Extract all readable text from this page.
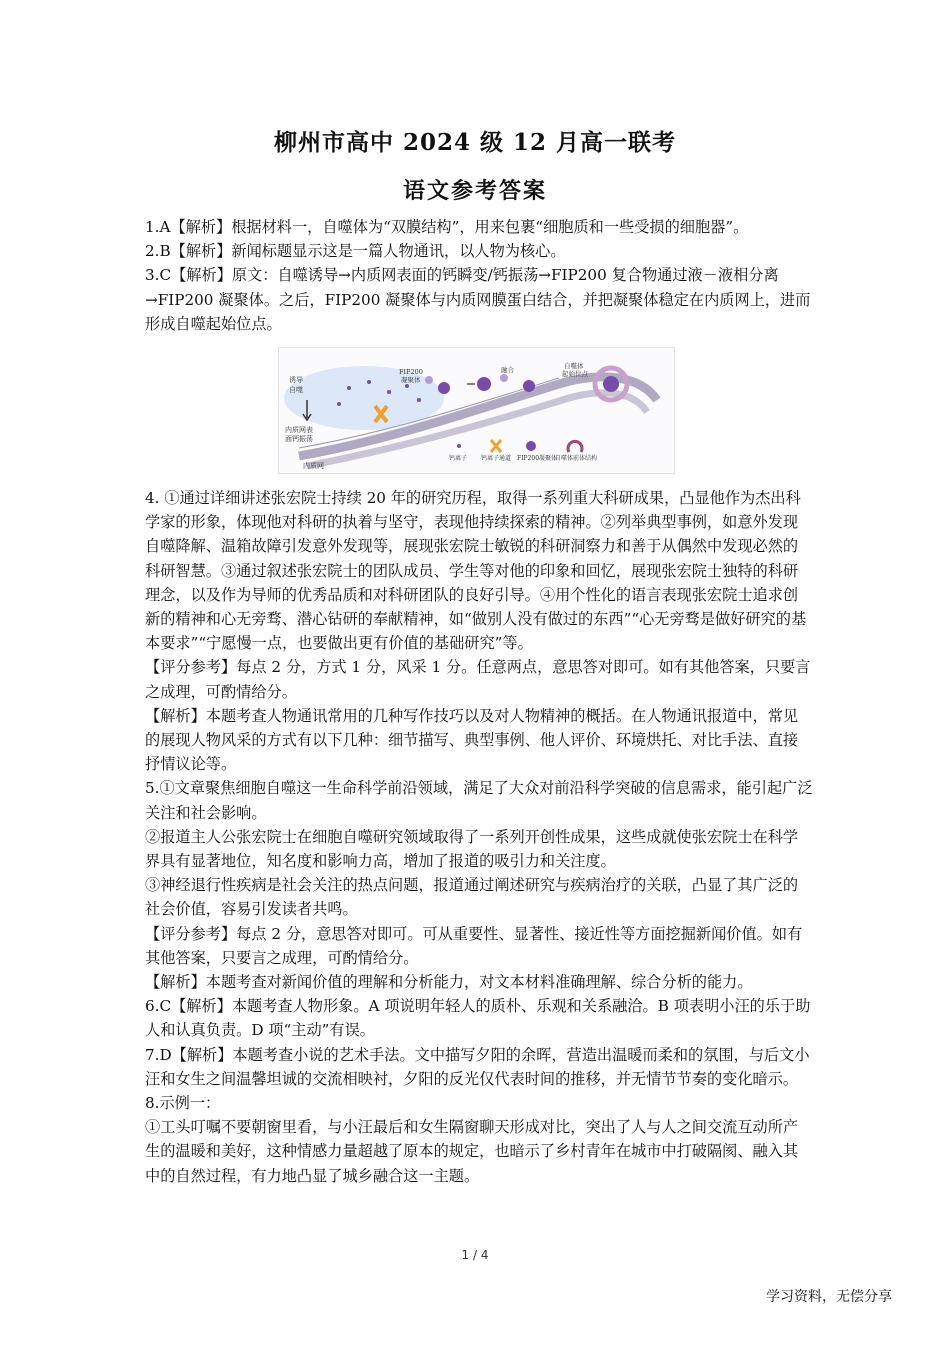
柳州市高中 2024 级 12 月高一联考
语文参考答案

1.A【解析】根据材料一，自噬体为“双膜结构”，用来包裹“细胞质和一些受损的细胞器”。

2.B【解析】新闻标题显示这是一篇人物通讯，以人物为核心。

3.C【解析】原文：自噬诱导→内质网表面的钙瞬变/钙振荡→FIP200 复合物通过液－液相分离→FIP200 凝聚体。之后，FIP200 凝聚体与内质网膜蛋白结合，并把凝聚体稳定在内质网上，进而形成自噬起始位点。

诱导
自噬
内质网表
面钙振荡
FIP200
凝聚体
融合	自噬体
起始位点
内质网
钙离子 钙离子通道 FIP200凝聚体
自噬体前体结构

4. ①通过详细讲述张宏院士持续 20 年的研究历程，取得一系列重大科研成果，凸显他作为杰出科学家的形象，体现他对科研的执着与坚守，表现他持续探索的精神。②列举典型事例，如意外发现自噬降解、温箱故障引发意外发现等，展现张宏院士敏锐的科研洞察力和善于从偶然中发现必然的科研智慧。③通过叙述张宏院士的团队成员、学生等对他的印象和回忆，展现张宏院士独特的科研理念，以及作为导师的优秀品质和对科研团队的良好引导。④用个性化的语言表现张宏院士追求创新的精神和心无旁骛、潜心钻研的奉献精神，如“做别人没有做过的东西”“心无旁骛是做好研究的基本要求”“宁愿慢一点，也要做出更有价值的基础研究”等。

【评分参考】每点 2 分，方式 1 分，风采 1 分。任意两点，意思答对即可。如有其他答案，只要言之成理，可酌情给分。

【解析】本题考查人物通讯常用的几种写作技巧以及对人物精神的概括。在人物通讯报道中，常见的展现人物风采的方式有以下几种：细节描写、典型事例、他人评价、环境烘托、对比手法、直接抒情议论等。

5.①文章聚焦细胞自噬这一生命科学前沿领域，满足了大众对前沿科学突破的信息需求，能引起广泛关注和社会影响。

②报道主人公张宏院士在细胞自噬研究领域取得了一系列开创性成果，这些成就使张宏院士在科学界具有显著地位，知名度和影响力高，增加了报道的吸引力和关注度。

③神经退行性疾病是社会关注的热点问题，报道通过阐述研究与疾病治疗的关联，凸显了其广泛的社会价值，容易引发读者共鸣。

【评分参考】每点 2 分，意思答对即可。可从重要性、显著性、接近性等方面挖掘新闻价值。如有其他答案，只要言之成理，可酌情给分。

【解析】本题考查对新闻价值的理解和分析能力，对文本材料准确理解、综合分析的能力。

6.C【解析】本题考查人物形象。A 项说明年轻人的质朴、乐观和关系融洽。B 项表明小汪的乐于助人和认真负责。D 项“主动”有误。

7.D【解析】本题考查小说的艺术手法。文中描写夕阳的余晖，营造出温暖而柔和的氛围，与后文小汪和女生之间温馨坦诚的交流相映衬，夕阳的反光仅代表时间的推移，并无情节节奏的变化暗示。

8.示例一：

①工头叮嘱不要朝窗里看，与小汪最后和女生隔窗聊天形成对比，突出了人与人之间交流互动所产生的温暖和美好，这种情感力量超越了原本的规定，也暗示了乡村青年在城市中打破隔阂、融入其中的自然过程，有力地凸显了城乡融合这一主题。

1 / 4
学习资料，无偿分享
